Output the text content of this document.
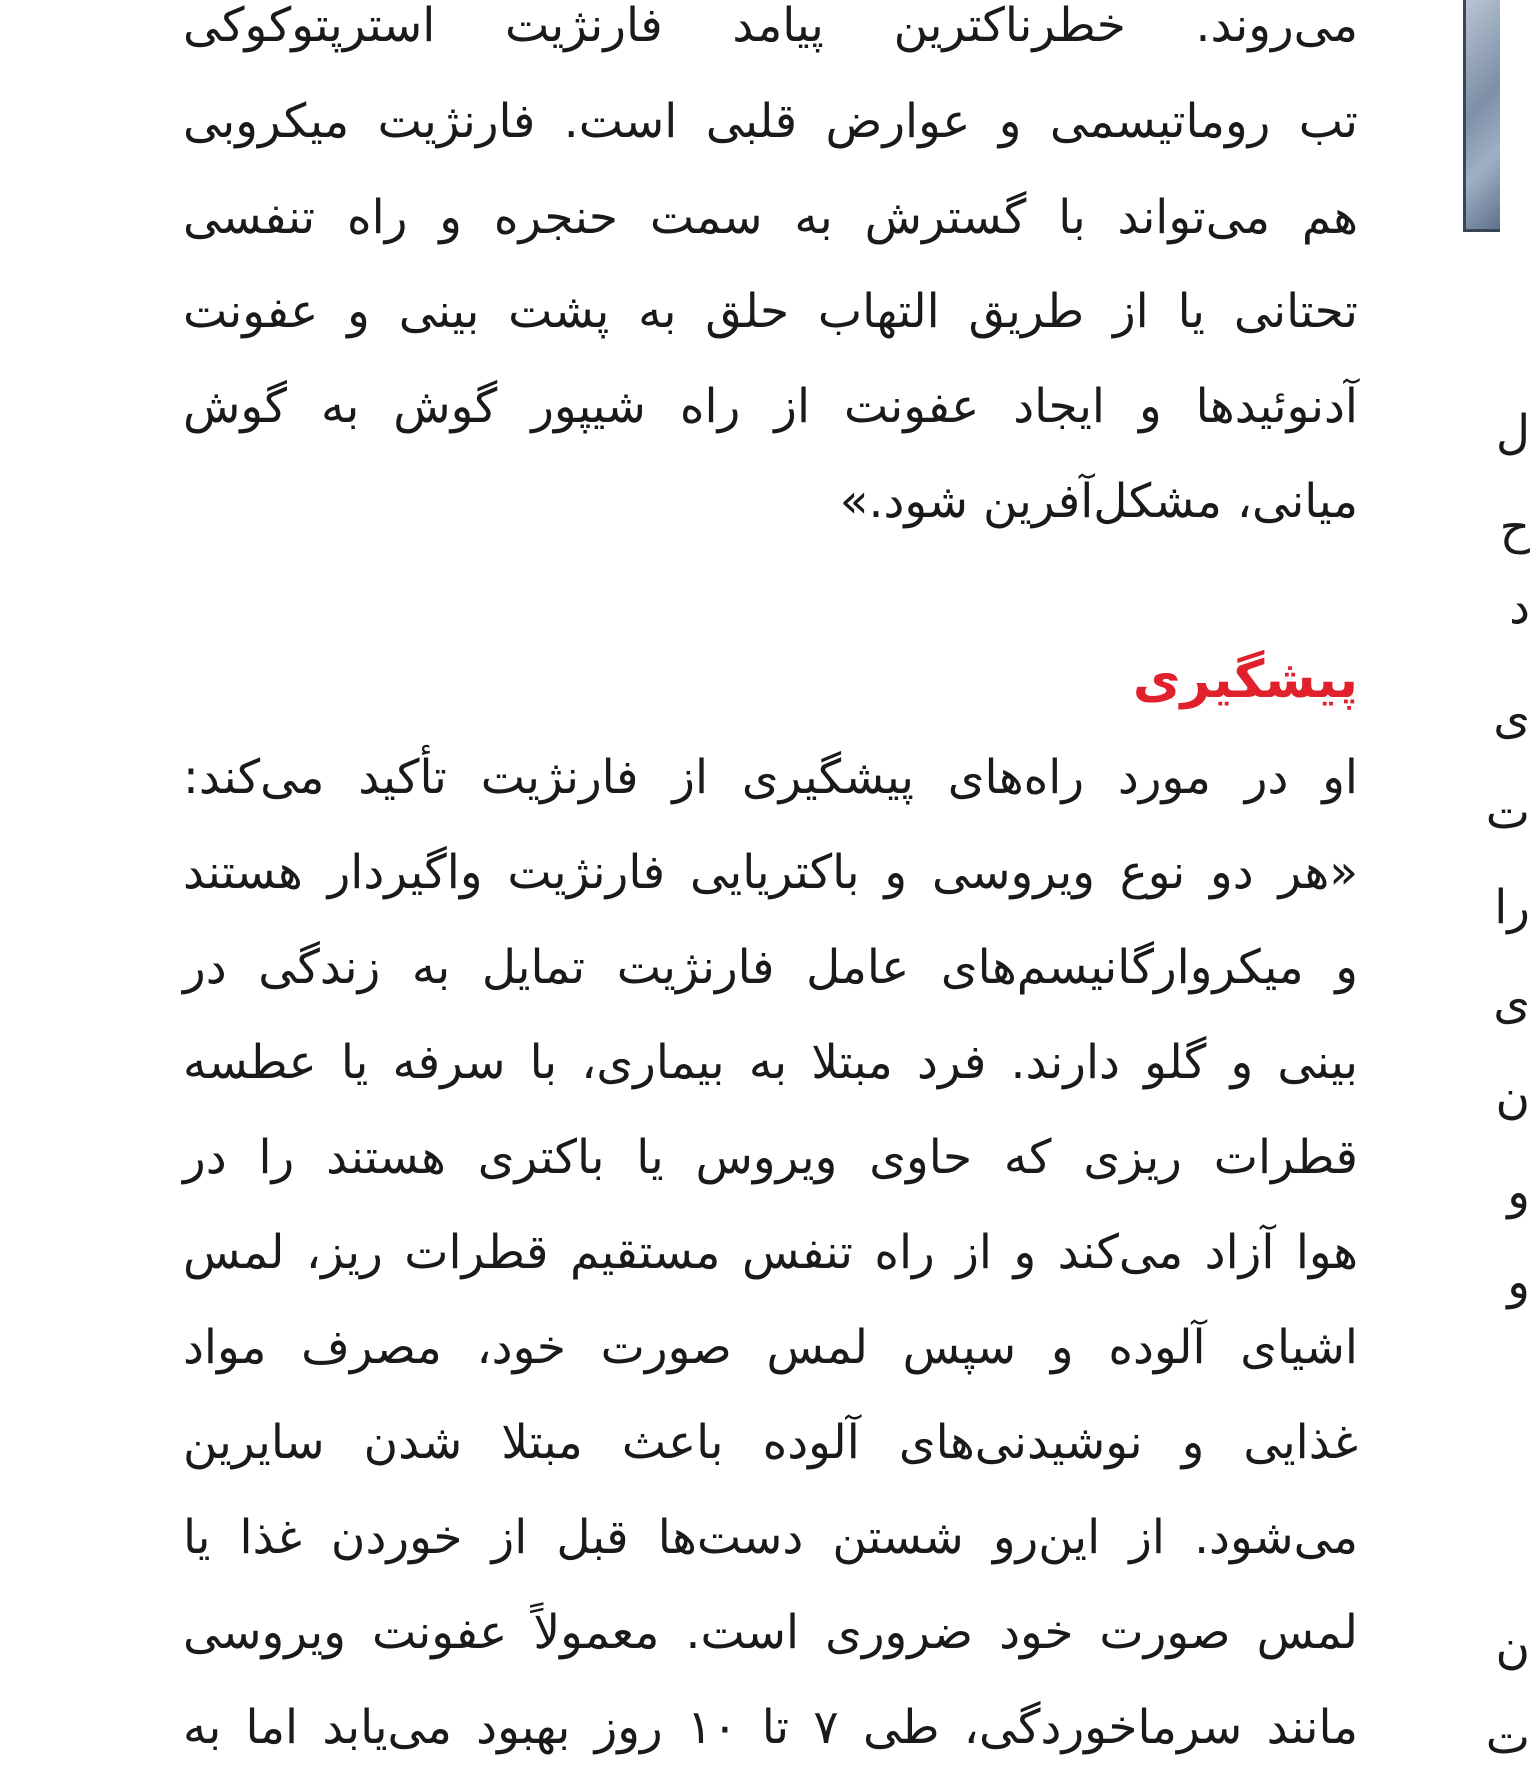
می‌روند. خطرناکترین پیامد فارنژیت استرپتوکوکی
تب روماتیسمی و عوارض قلبی است. فارنژیت میکروبی
هم می‌تواند با گسترش به سمت حنجره و راه تنفسی
تحتانی یا از طریق التهاب حلق به پشت بینی و عفونت
آدنوئیدها و ایجاد عفونت از راه شیپور گوش به گوش
میانی، مشکل‌آفرین شود.»
پیشگیری
او در مورد راه‌های پیشگیری از فارنژیت تأکید می‌کند:
«هر دو نوع ویروسی و باکتریایی فارنژیت واگیردار هستند
و میکروارگانیسم‌های عامل فارنژیت تمایل به زندگی در
بینی و گلو دارند. فرد مبتلا به بیماری، با سرفه یا عطسه
قطرات ریزی که حاوی ویروس یا باکتری هستند را در
هوا آزاد می‌کند و از راه تنفس مستقیم قطرات ریز، لمس
اشیای آلوده و سپس لمس صورت خود، مصرف مواد
غذایی و نوشیدنی‌های آلوده باعث مبتلا شدن سایرین
می‌شود. از این‌رو شستن دست‌ها قبل از خوردن غذا یا
لمس صورت خود ضروری است. معمولاً عفونت ویروسی
مانند سرماخوردگی، طی ۷ تا ۱۰ روز بهبود می‌یابد اما به
ل
ح
د
ی
ت
را
ی
ن
و
و
ن
ت
